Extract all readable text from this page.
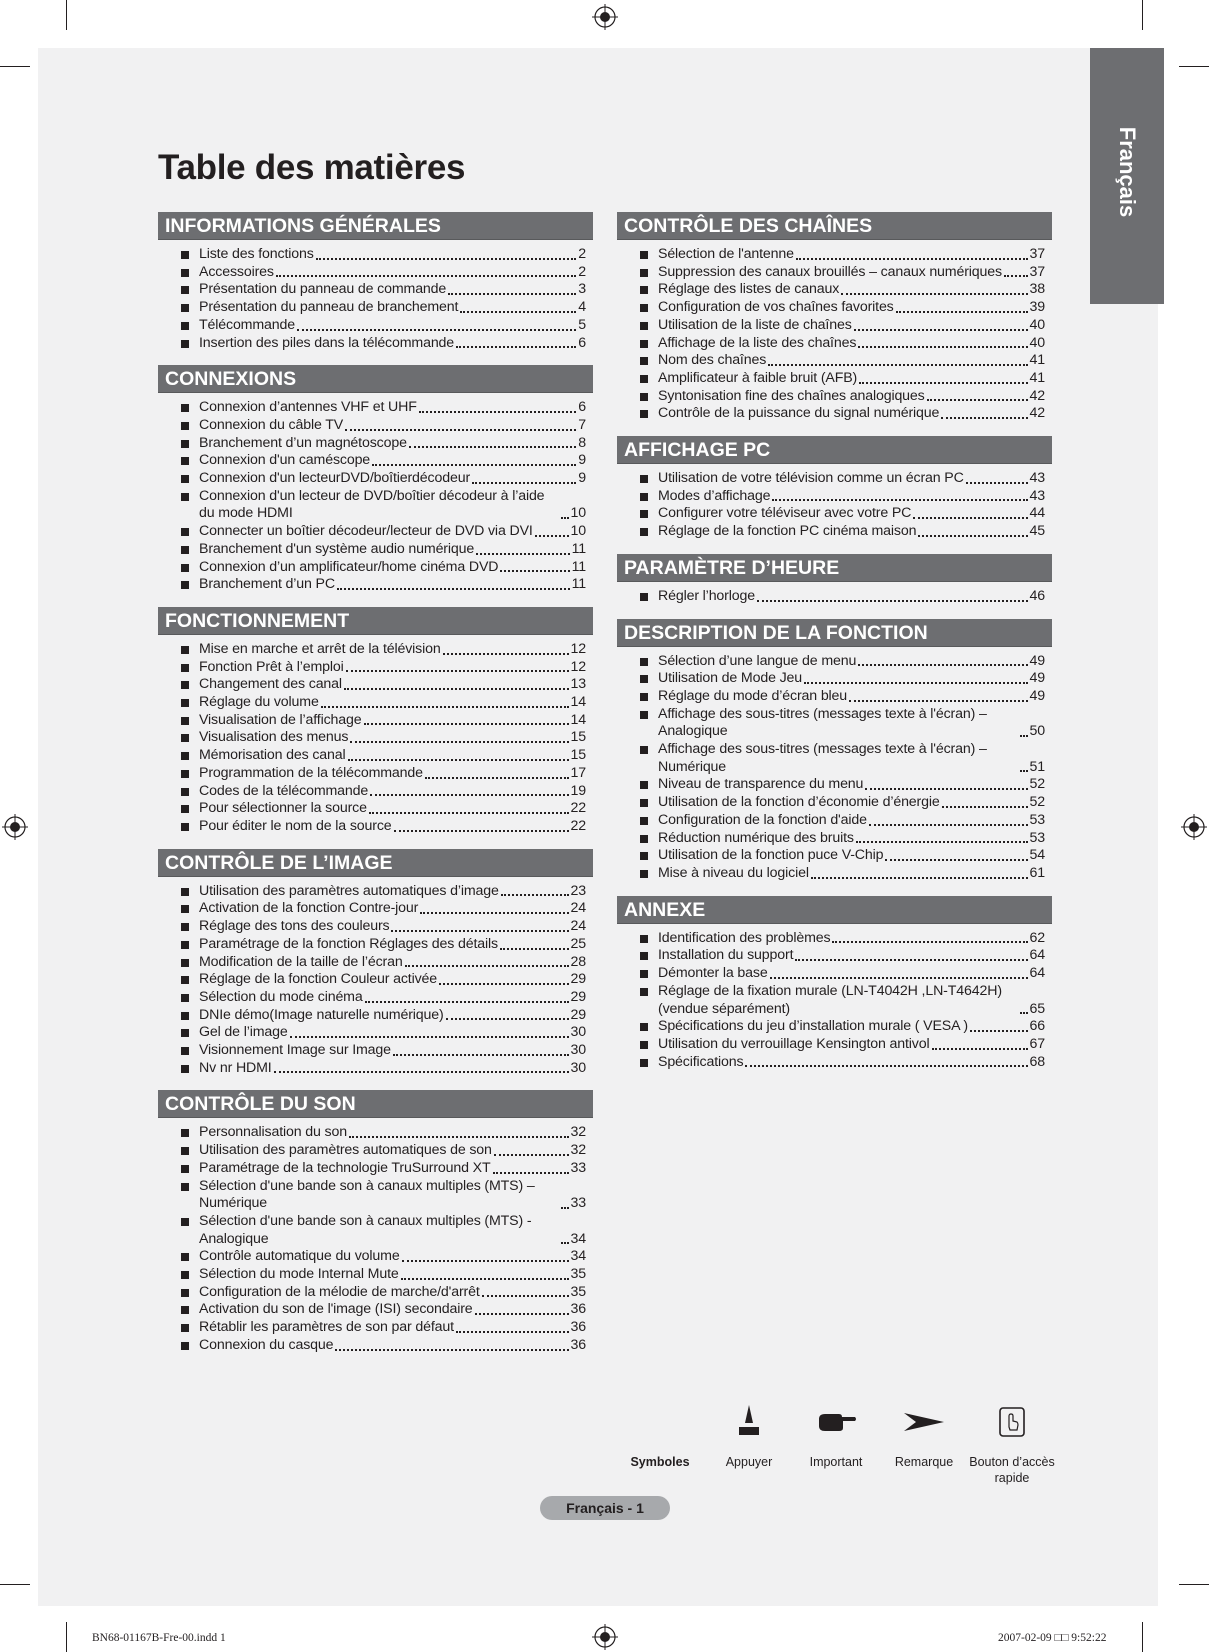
Français
Table des matières
INFORMATIONS GÉNÉRALES
Liste des fonctions	2
Accessoires	2
Présentation du panneau de commande	3
Présentation du panneau de branchement	4
Télécommande	5
Insertion des piles dans la télécommande	6
CONNEXIONS
Connexion d’antennes VHF et UHF	6
Connexion du câble TV	7
Branchement d’un magnétoscope	8
Connexion d'un caméscope	9
Connexion d'un lecteurDVD/boîtierdécodeur	9
Connexion d'un lecteur de DVD/boîtier décodeur à l’aide du mode HDMI	10
Connecter un boîtier décodeur/lecteur de DVD via DVI	10
Branchement d'un système audio numérique	11
Connexion d’un amplificateur/home cinéma DVD	11
Branchement d’un PC	11
FONCTIONNEMENT
Mise en marche et arrêt de la télévision	12
Fonction Prêt à l’emploi	12
Changement des canal	13
Réglage du volume	14
Visualisation de l’affichage	14
Visualisation des menus	15
Mémorisation des canal	15
Programmation de la télécommande	17
Codes de la télécommande	19
Pour sélectionner la source	22
Pour éditer le nom de la source	22
CONTRÔLE DE L’IMAGE
Utilisation des paramètres automatiques d’image	23
Activation de la fonction Contre-jour	24
Réglage des tons des couleurs	24
Paramétrage de la fonction Réglages des détails	25
Modification de la taille de l’écran	28
Réglage de la fonction Couleur activée	29
Sélection du mode cinéma	29
DNIe démo(Image naturelle numérique)	29
Gel de l’image	30
Visionnement Image sur Image	30
Nv nr HDMI	30
CONTRÔLE DU SON
Personnalisation du son	32
Utilisation des paramètres automatiques de son	32
Paramétrage de la technologie TruSurround XT	33
Sélection d'une bande son à canaux multiples (MTS) – Numérique	33
Sélection d'une bande son à canaux multiples (MTS) - Analogique	34
Contrôle automatique du volume	34
Sélection du mode Internal Mute	35
Configuration de la mélodie de marche/d'arrêt	35
Activation du son de l'image (ISI) secondaire	36
Rétablir les paramètres de son par défaut	36
Connexion du casque	36
CONTRÔLE DES CHAÎNES
Sélection de l'antenne	37
Suppression des canaux brouillés – canaux numériques 37
Réglage des listes de canaux	38
Configuration de vos chaînes favorites	39
Utilisation de la liste de chaînes	40
Affichage de la liste des chaînes	40
Nom des chaînes	41
Amplificateur à faible bruit (AFB)	41
Syntonisation fine des chaînes analogiques	42
Contrôle de la puissance du signal numérique	42
AFFICHAGE PC
Utilisation de votre télévision comme un écran PC	43
Modes d’affichage	43
Configurer votre téléviseur avec votre PC	44
Réglage de la fonction PC cinéma maison	45
PARAMÈTRE D’HEURE
Régler l’horloge	46
DESCRIPTION DE LA FONCTION
Sélection d’une langue de menu	49
Utilisation de Mode Jeu	49
Réglage du mode d’écran bleu	49
Affichage des sous-titres (messages texte à l'écran) – Analogique	50
Affichage des sous-titres (messages texte à l'écran) – Numérique	51
Niveau de transparence du menu	52
Utilisation de la fonction d’économie d’énergie	52
Configuration de la fonction d'aide	53
Réduction numérique des bruits	53
Utilisation de la fonction puce V-Chip	54
Mise à niveau du logiciel	61
ANNEXE
Identification des problèmes	62
Installation du support	64
Démonter la base	64
Réglage de la fixation murale (LN-T4042H ,LN-T4642H) (vendue séparément)	65
Spécifications du jeu d’installation murale ( VESA )	66
Utilisation du verrouillage Kensington antivol	67
Spécifications	68
Symboles	Appuyer	Important	Remarque	Bouton d’accès rapide
Français - 1
BN68-01167B-Fre-00.indd 1	2007-02-09 □□ 9:52:22
